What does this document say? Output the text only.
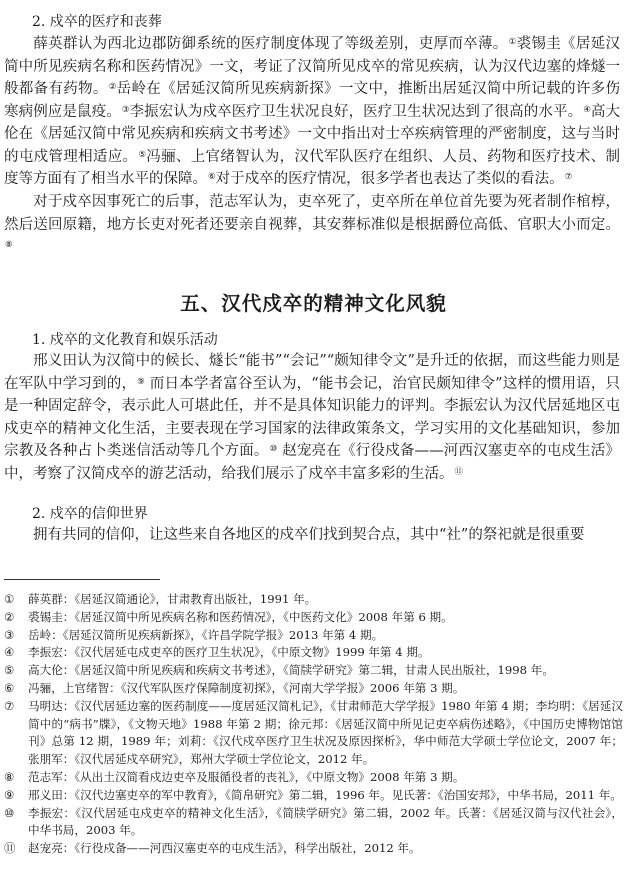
2. 戍卒的医疗和丧葬
薛英群认为西北边郡防御系统的医疗制度体现了等级差别，吏厚而卒薄。①裘锡圭《居延汉简中所见疾病名称和医药情况》一文，考证了汉简所见戍卒的常见疾病，认为汉代边塞的烽燧一般都备有药物。②岳岭在《居延汉简所见疾病新探》一文中，推断出居延汉简中所记载的许多伤寒病例应是鼠疫。③李振宏认为戍卒医疗卫生状况良好，医疗卫生状况达到了很高的水平。④高大伦在《居延汉简中常见疾病和疾病文书考述》一文中指出对士卒疾病管理的严密制度，这与当时的屯戍管理相适应。⑤冯骊、上官绪智认为，汉代军队医疗在组织、人员、药物和医疗技术、制度等方面有了相当水平的保障。⑥对于戍卒的医疗情况，很多学者也表达了类似的看法。⑦
对于戍卒因事死亡的后事，范志军认为，吏卒死了，吏卒所在单位首先要为死者制作棺椁，然后送回原籍，地方长吏对死者还要亲自视葬，其安葬标准似是根据爵位高低、官职大小而定。⑧
五、汉代戍卒的精神文化风貌
1. 戍卒的文化教育和娱乐活动
邢义田认为汉简中的候长、燧长“能书”“会记”“颇知律令文”是升迁的依据，而这些能力则是在军队中学习到的，⑨ 而日本学者富谷至认为，“能书会记，治官民颇知律令”这样的惯用语，只是一种固定辞令，表示此人可堪此任，并不是具体知识能力的评判。李振宏认为汉代居延地区屯戍吏卒的精神文化生活，主要表现在学习国家的法律政策条文，学习实用的文化基础知识，参加宗教及各种占卜类迷信活动等几个方面。⑩ 赵宠亮在《行役戍备——河西汉塞吏卒的屯戍生活》中，考察了汉简戍卒的游艺活动，给我们展示了戍卒丰富多彩的生活。⑪
2. 戍卒的信仰世界
拥有共同的信仰，让这些来自各地区的戍卒们找到契合点，其中“社”的祭祀就是很重要
① 薛英群：《居延汉简通论》，甘肃教育出版社，1991 年。
② 裘锡圭：《居延汉简中所见疾病名称和医药情况》，《中医药文化》2008 年第 6 期。
③ 岳岭：《居延汉简所见疾病新探》，《许昌学院学报》2013 年第 4 期。
④ 李振宏：《汉代居延屯戍吏卒的医疗卫生状况》，《中原文物》1999 年第 4 期。
⑤ 高大伦：《居延汉简中所见疾病和疾病文书考述》，《简牍学研究》第二辑，甘肃人民出版社，1998 年。
⑥ 冯骊，上官绪智：《汉代军队医疗保障制度初探》，《河南大学学报》2006 年第 3 期。
⑦ 马明达：《汉代居延边塞的医药制度——度居延汉简札记》，《甘肃师范大学学报》1980 年第 4 期；李均明：《居延汉简中的“病书”牒》，《文物天地》1988 年第 2 期；徐元邦：《居延汉简中所见记吏卒病伤述略》，《中国历史博物馆馆刊》总第 12 期，1989 年；刘莉：《汉代戍卒医疗卫生状况及原因探析》，华中师范大学硕士学位论文，2007 年；张朋军：《汉代居延戍卒研究》，郑州大学硕士学位论文，2012 年。
⑧ 范志军：《从出土汉简看戍边吏卒及服循役者的丧礼》，《中原文物》2008 年第 3 期。
⑨ 邢义田：《汉代边塞吏卒的军中教育》，《简帛研究》第二辑，1996 年。见氏著：《治国安邦》，中华书局，2011 年。
⑩ 李振宏：《汉代居延屯戍吏卒的精神文化生活》，《简牍学研究》第二辑，2002 年。氏著：《居延汉简与汉代社会》，中华书局，2003 年。
⑪ 赵宠亮：《行役戍备——河西汉塞吏卒的屯戍生活》，科学出版社，2012 年。
